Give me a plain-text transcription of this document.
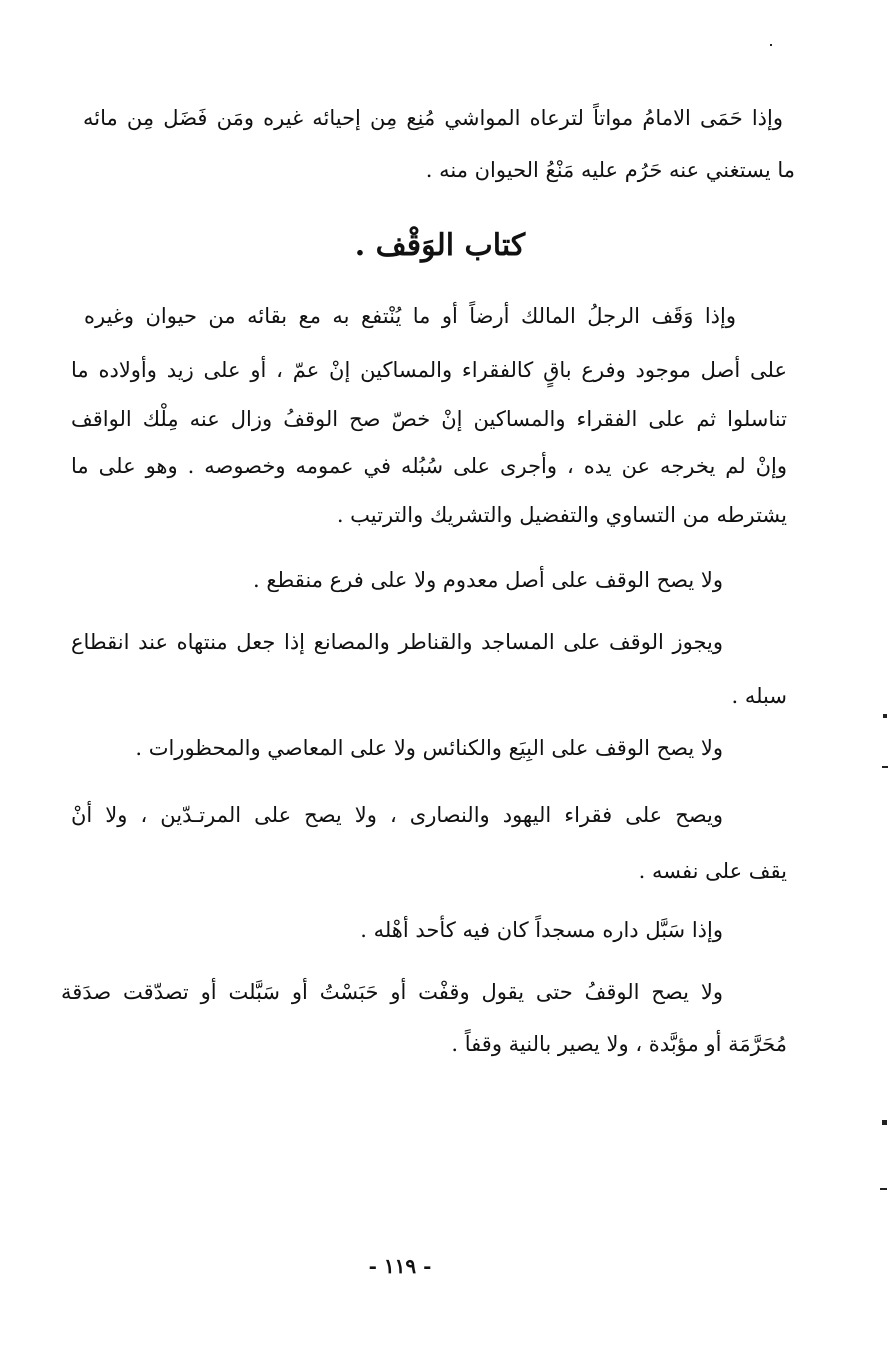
وإذا حَمَى الامامُ مواتاً لترعاه المواشي مُنِع مِن إحيائه غيره ومَن فَضَل مِن مائه
ما يستغني عنه حَرُم عليه مَنْعُ الحيوان منه .
كتاب الوَقْف .
وإذا وَقَف الرجلُ المالك أرضاً أو ما يُنْتفع به مع بقائه من حيوان وغيره
على أصل موجود وفرع باقٍ كالفقراء والمساكين إنْ عمّ ، أو على زيد وأولاده ما
تناسلوا ثم على الفقراء والمساكين إنْ خصّ صح الوقفُ وزال عنه مِلْك الواقف
وإنْ لم يخرجه عن يده ، وأجرى على سُبُله في عمومه وخصوصه . وهو على ما
يشترطه من التساوي والتفضيل والتشريك والترتيب .
ولا يصح الوقف على أصل معدوم ولا على فرع منقطع .
ويجوز الوقف على المساجد والقناطر والمصانع إذا جعل منتهاه عند انقطاع
سبله .
ولا يصح الوقف على البِيَع والكنائس ولا على المعاصي والمحظورات .
ويصح على فقراء اليهود والنصارى ، ولا يصح على المرتـدّين ، ولا أنْ
يقف على نفسه .
وإذا سَبَّل داره مسجداً كان فيه كأحد أهْله .
ولا يصح الوقفُ حتى يقول وقفْت أو حَبَسْتُ أو سَبَّلت أو تصدّقت صدَقة
مُحَرَّمَة أو مؤبَّدة ، ولا يصير بالنية وقفاً .
- ١١٩ -
